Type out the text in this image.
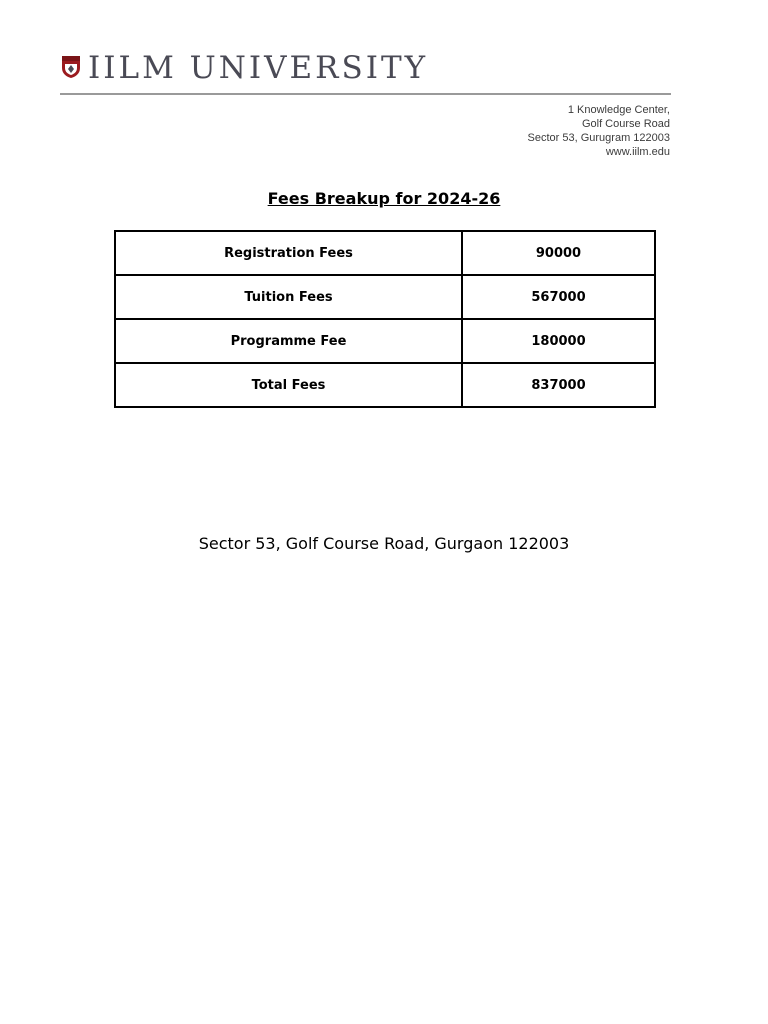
IILM UNIVERSITY
1 Knowledge Center,
Golf Course Road
Sector 53, Gurugram 122003
www.iilm.edu
Fees Breakup for 2024-26
Registration Fees	90000
Tuition Fees	567000
Programme Fee	180000
Total Fees	837000
Sector 53, Golf Course Road, Gurgaon 122003
